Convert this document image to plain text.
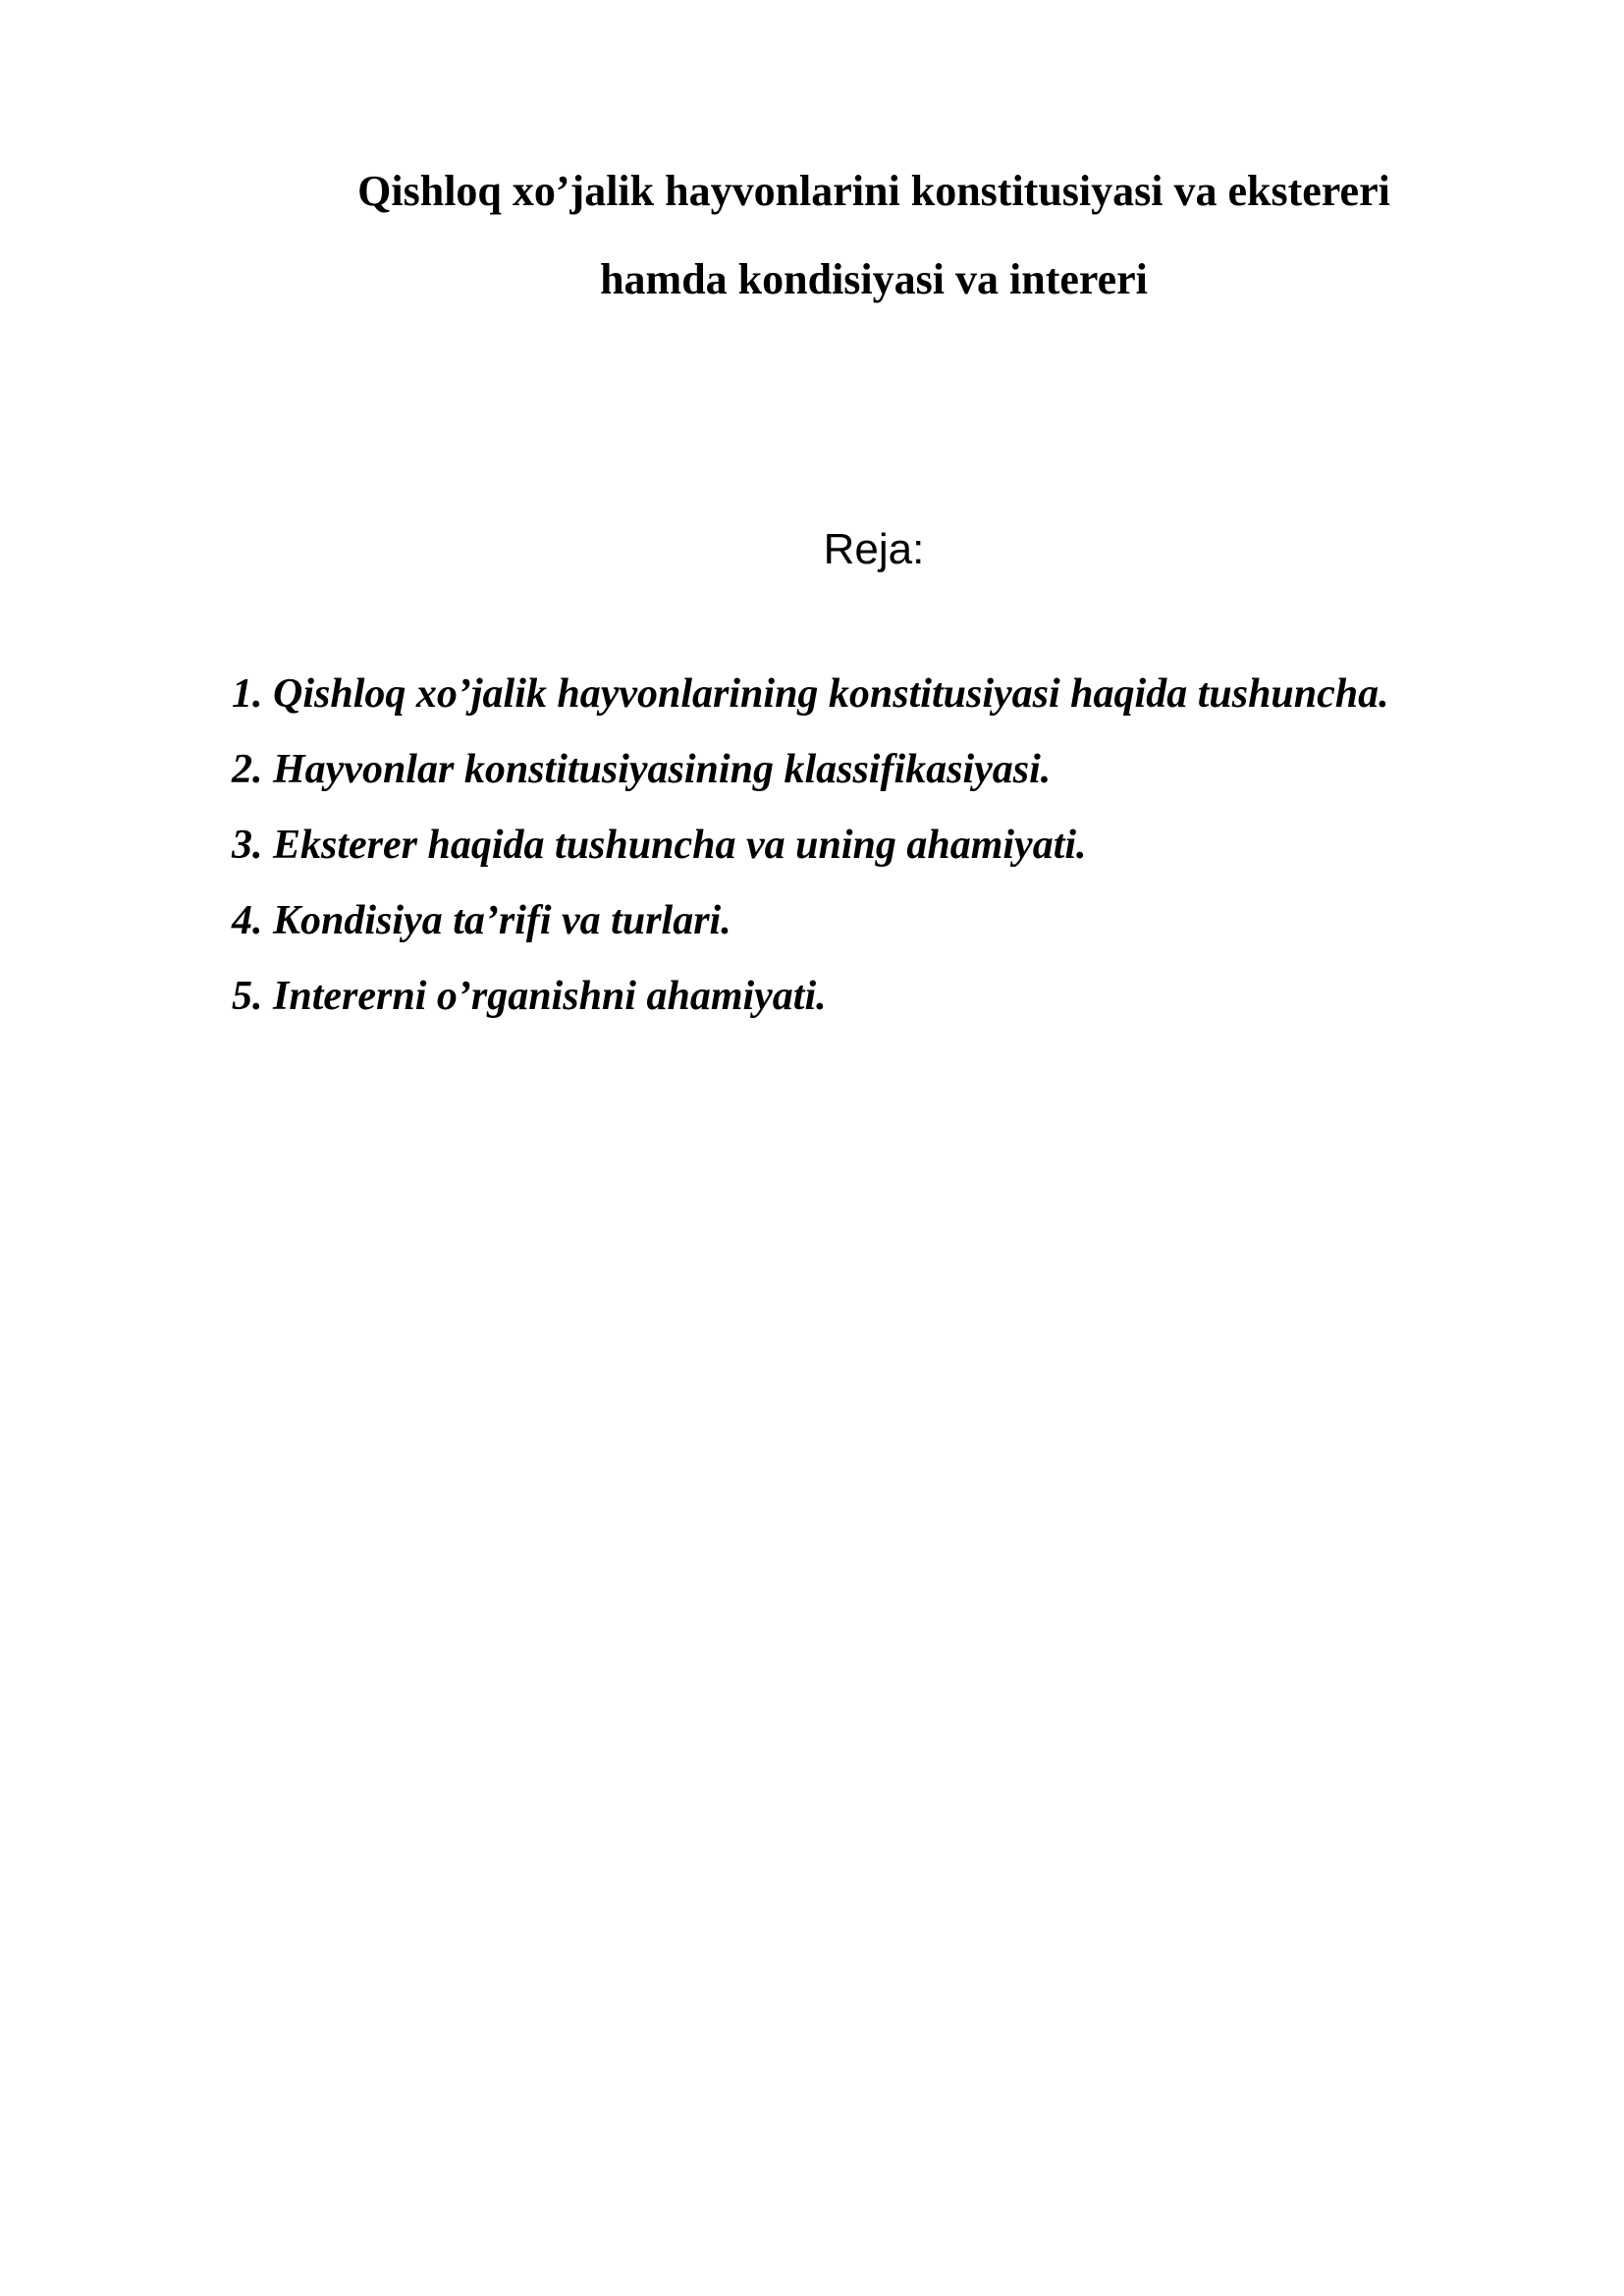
Qishloq xo’jalik hayvonlarini konstitusiyasi va ekstereri
hamda kondisiyasi va intereri
Reja:
1. Qishloq xo’jalik hayvonlarining konstitusiyasi haqida tushuncha.
2. Hayvonlar konstitusiyasining klassifikasiyasi.
3. Eksterer haqida tushuncha va uning ahamiyati.
4. Kondisiya ta’rifi va turlari.
5. Intererni o’rganishni ahamiyati.
